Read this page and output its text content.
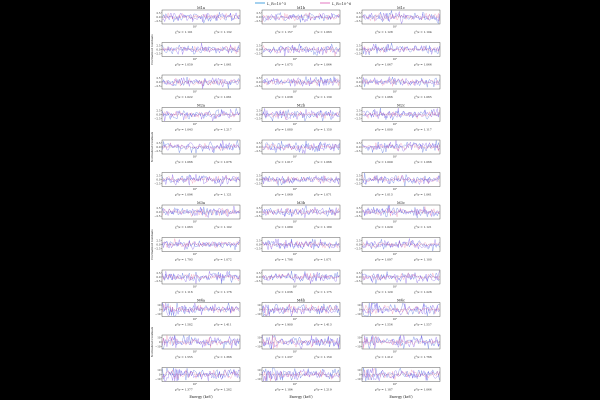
L_R=10^5	L_R=10^6
M1a
2.5
0.0
−2.5
10⁰
χ²/ν = 1.101	χ²/ν = 1.132
M1b
2.5
0.0
−2.5
10⁰
χ²/ν = 1.157	χ²/ν = 1.063
M1c
2.5
0.0
−2.5
10⁰
χ²/ν = 1.128	χ²/ν = 1.104
2.5
0.0
−2.5
10⁰
χ²/ν = 1.059	χ²/ν = 1.061
2.5
0.0
−2.5
10⁰
χ²/ν = 1.075	χ²/ν = 1.064
2.5
0.0
−2.5
10⁰
χ²/ν = 1.067	χ²/ν = 1.066
Normalized residuals
2.5
0.0
−2.5
10⁰
χ²/ν = 1.022	χ²/ν = 1.061
2.5
0.0
−2.5
10⁰
χ²/ν = 1.038	χ²/ν = 1.130
2.5
0.0
−2.5
10⁰
χ²/ν = 1.066	χ²/ν = 1.065
M2a
2.5
0.0
−2.5
10⁰
χ²/ν = 1.043	χ²/ν = 1.217
M2b
2.5
0.0
−2.5
10⁰
χ²/ν = 1.080	χ²/ν = 1.150
M2c
2.5
0.0
−2.5
10⁰
χ²/ν = 1.000	χ²/ν = 1.117
2.5
0.0
−2.5
10⁰
χ²/ν = 1.066	χ²/ν = 1.076
2.5
0.0
−2.5
10⁰
χ²/ν = 1.017	χ²/ν = 1.066
2.5
0.0
−2.5
10⁰
χ²/ν = 1.009	χ²/ν = 1.066
Normalized residuals
2.5
0.0
−2.5
10⁰
χ²/ν = 1.096	χ²/ν = 1.121
2.5
0.0
−2.5
10⁰
χ²/ν = 1.069	χ²/ν = 1.071
2.5
0.0
−2.5
10⁰
χ²/ν = 1.013	χ²/ν = 1.061
M3a
2.5
0.0
−2.5
10⁰
χ²/ν = 1.063	χ²/ν = 1.102
M3b
2.5
0.0
−2.5
10⁰
χ²/ν = 1.089	χ²/ν = 1.180
M3c
2.5
0.0
−2.5
10⁰
χ²/ν = 1.029	χ²/ν = 1.121
2.5
0.0
−2.5
10⁰
χ²/ν = 1.793	χ²/ν = 1.072
2.5
0.0
−2.5
10⁰
χ²/ν = 1.798	χ²/ν = 1.071
2.5
0.0
−2.5
10⁰
χ²/ν = 1.097	χ²/ν = 1.100
Normalized residuals
2.5
0.0
−2.5
10⁰
χ²/ν = 1.116	χ²/ν = 1.176
2.5
0.0
−2.5
10⁰
χ²/ν = 1.036	χ²/ν = 1.175
2.5
0.0
−2.5
10⁰
χ²/ν = 1.120	χ²/ν = 1.226
M4a
10
0
−10
10⁰
χ²/ν = 1.582	χ²/ν = 1.411
M4b
10
0
−10
10⁰
χ²/ν = 1.900	χ²/ν = 1.413
M4c
10
0
−10
10⁰
χ²/ν = 1.556	χ²/ν = 1.557
10
0
−10
10⁰
χ²/ν = 1.555	χ²/ν = 1.366
10
0
−10
10⁰
χ²/ν = 1.237	χ²/ν = 1.150
10
0
−10
10⁰
χ²/ν = 1.212	χ²/ν = 1.766
Normalized residuals
10
0
−10
10⁰
χ²/ν = 1.377	χ²/ν = 1.282
10
0
−10
10⁰
χ²/ν = 1.184	χ²/ν = 1.219
10
0
−10
10⁰
χ²/ν = 1.187	χ²/ν = 1.066
Energy (keV)	Energy (keV)	Energy (keV)
